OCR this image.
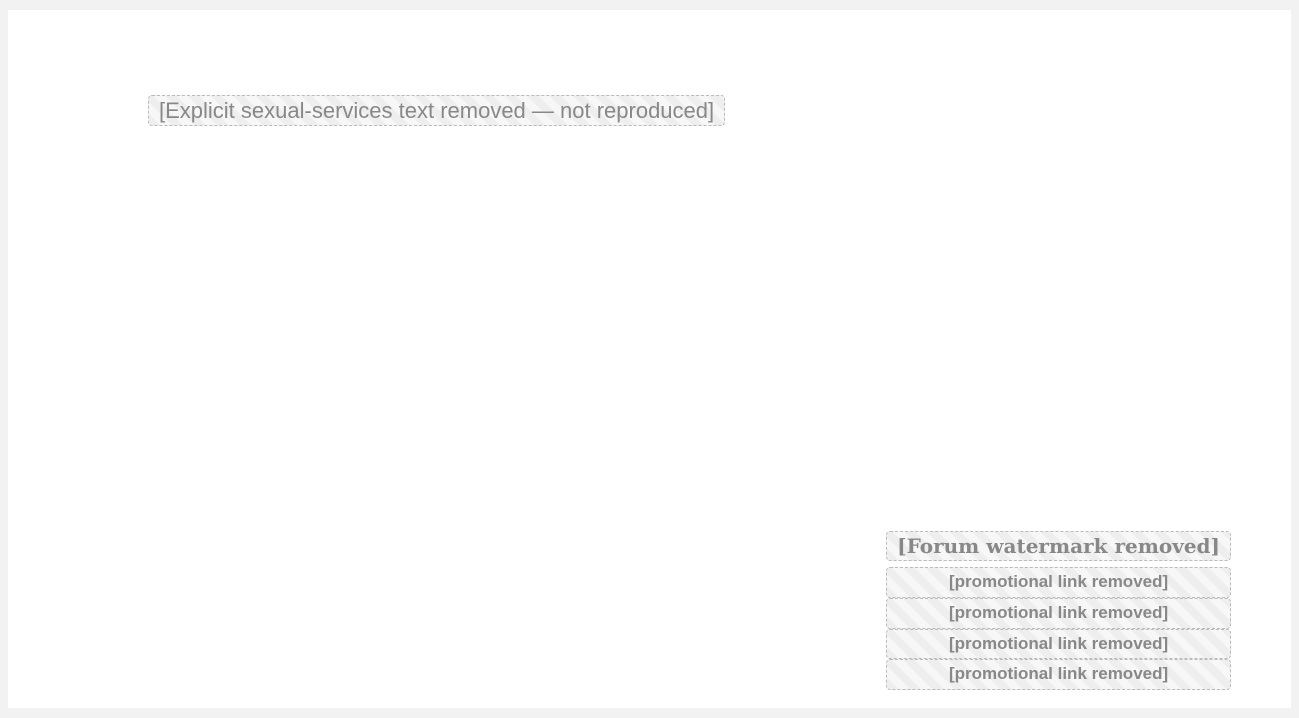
[Explicit sexual-services text removed — not reproduced]
[Forum watermark removed]
[promotional link removed]
[promotional link removed]
[promotional link removed]
[promotional link removed]
